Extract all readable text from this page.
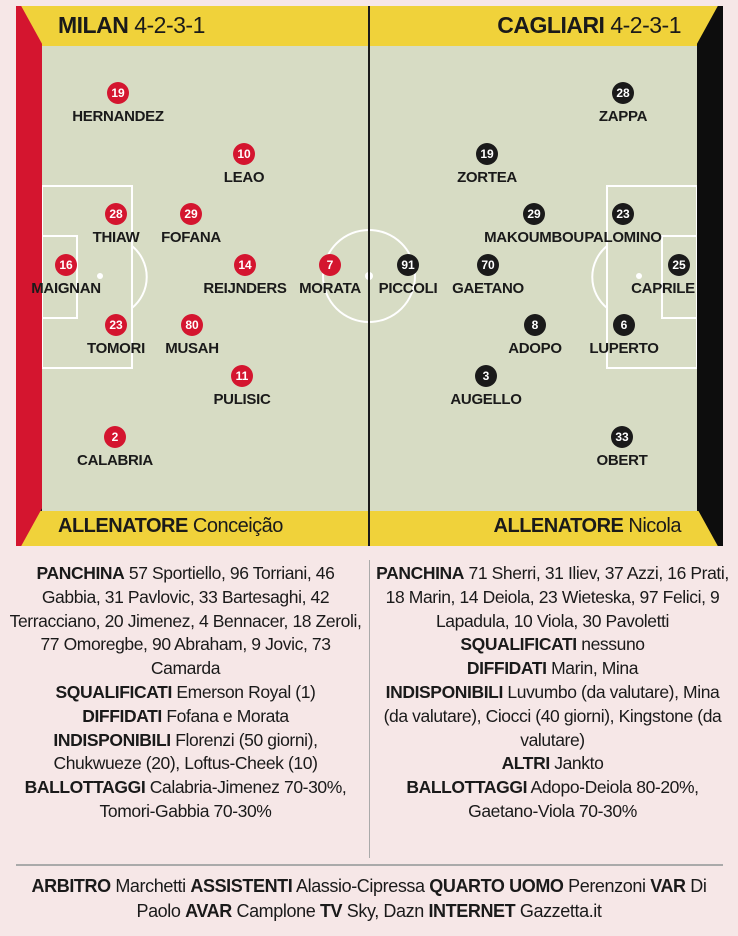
MILAN 4-2-3-1	CAGLIARI 4-2-3-1
ALLENATORE Conceição	ALLENATORE Nicola
19
HERNANDEZ
10
LEAO
28
THIAW
29
FOFANA
16
MAIGNAN
14
REIJNDERS
7
MORATA
23
TOMORI
80
MUSAH
11
PULISIC
2
CALABRIA
28
ZAPPA
19
ZORTEA
29
MAKOUMBOU
23
PALOMINO
91
PICCOLI
70
GAETANO
25
CAPRILE
8
ADOPO
6
LUPERTO
3
AUGELLO
33
OBERT
PANCHINA 57 Sportiello, 96 Torriani, 46 Gabbia, 31 Pavlovic, 33 Bartesaghi, 42 Terracciano, 20 Jimenez, 4 Bennacer, 18 Zeroli, 77 Omoregbe, 90 Abraham, 9 Jovic, 73 Camarda
SQUALIFICATI Emerson Royal (1)
DIFFIDATI Fofana e Morata
INDISPONIBILI Florenzi (50 giorni), Chukwueze (20), Loftus-Cheek (10)
BALLOTTAGGI Calabria-Jimenez 70-30%, Tomori-Gabbia 70-30%
PANCHINA 71 Sherri, 31 Iliev, 37 Azzi, 16 Prati, 18 Marin, 14 Deiola, 23 Wieteska, 97 Felici, 9 Lapadula, 10 Viola, 30 Pavoletti
SQUALIFICATI nessuno
DIFFIDATI Marin, Mina
INDISPONIBILI Luvumbo (da valutare), Mina (da valutare), Ciocci (40 giorni), Kingstone (da valutare)
ALTRI Jankto
BALLOTTAGGI Adopo-Deiola 80-20%, Gaetano-Viola 70-30%
ARBITRO Marchetti ASSISTENTI Alassio-Cipressa QUARTO UOMO Perenzoni VAR Di Paolo AVAR Camplone TV Sky, Dazn INTERNET Gazzetta.it
